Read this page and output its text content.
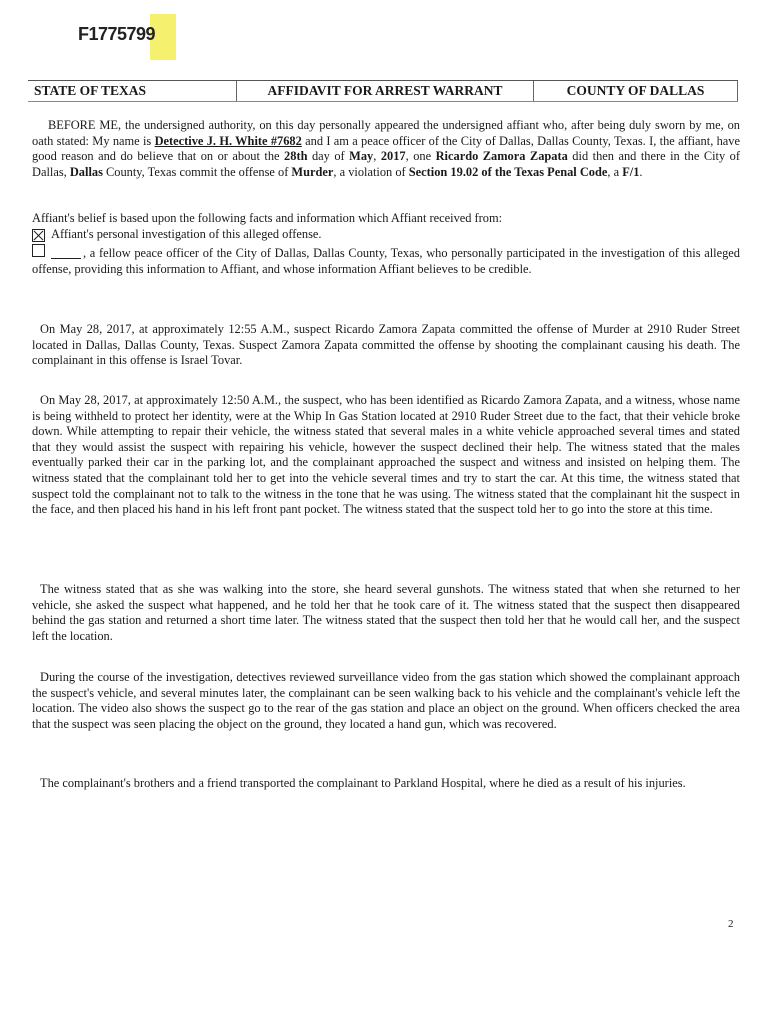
F1775799
STATE OF TEXAS	AFFIDAVIT FOR ARREST WARRANT	COUNTY OF DALLAS
BEFORE ME, the undersigned authority, on this day personally appeared the undersigned affiant who, after being duly sworn by me, on oath stated: My name is Detective J. H. White #7682 and I am a peace officer of the City of Dallas, Dallas County, Texas. I, the affiant, have good reason and do believe that on or about the 28th day of May, 2017, one Ricardo Zamora Zapata did then and there in the City of Dallas, Dallas County, Texas commit the offense of Murder, a violation of Section 19.02 of the Texas Penal Code, a F/1.
Affiant's belief is based upon the following facts and information which Affiant received from:
Affiant's personal investigation of this alleged offense.
, a fellow peace officer of the City of Dallas, Dallas County, Texas, who personally participated in the investigation of this alleged offense, providing this information to Affiant, and whose information Affiant believes to be credible.
On May 28, 2017, at approximately 12:55 A.M., suspect Ricardo Zamora Zapata committed the offense of Murder at 2910 Ruder Street located in Dallas, Dallas County, Texas. Suspect Zamora Zapata committed the offense by shooting the complainant causing his death. The complainant in this offense is Israel Tovar.
On May 28, 2017, at approximately 12:50 A.M., the suspect, who has been identified as Ricardo Zamora Zapata, and a witness, whose name is being withheld to protect her identity, were at the Whip In Gas Station located at 2910 Ruder Street due to the fact, that their vehicle broke down. While attempting to repair their vehicle, the witness stated that several males in a white vehicle approached several times and stated that they would assist the suspect with repairing his vehicle, however the suspect declined their help. The witness stated that the males eventually parked their car in the parking lot, and the complainant approached the suspect and witness and insisted on helping them. The witness stated that the complainant told her to get into the vehicle several times and try to start the car. At this time, the witness stated that suspect told the complainant not to talk to the witness in the tone that he was using. The witness stated that the complainant hit the suspect in the face, and then placed his hand in his left front pant pocket. The witness stated that the suspect told her to go into the store at this time.
The witness stated that as she was walking into the store, she heard several gunshots. The witness stated that when she returned to her vehicle, she asked the suspect what happened, and he told her that he took care of it. The witness stated that the suspect then disappeared behind the gas station and returned a short time later. The witness stated that the suspect then told her that he would call her, and the suspect left the location.
During the course of the investigation, detectives reviewed surveillance video from the gas station which showed the complainant approach the suspect's vehicle, and several minutes later, the complainant can be seen walking back to his vehicle and the complainant's vehicle left the location. The video also shows the suspect go to the rear of the gas station and place an object on the ground. When officers checked the area that the suspect was seen placing the object on the ground, they located a hand gun, which was recovered.
The complainant's brothers and a friend transported the complainant to Parkland Hospital, where he died as a result of his injuries.
2
